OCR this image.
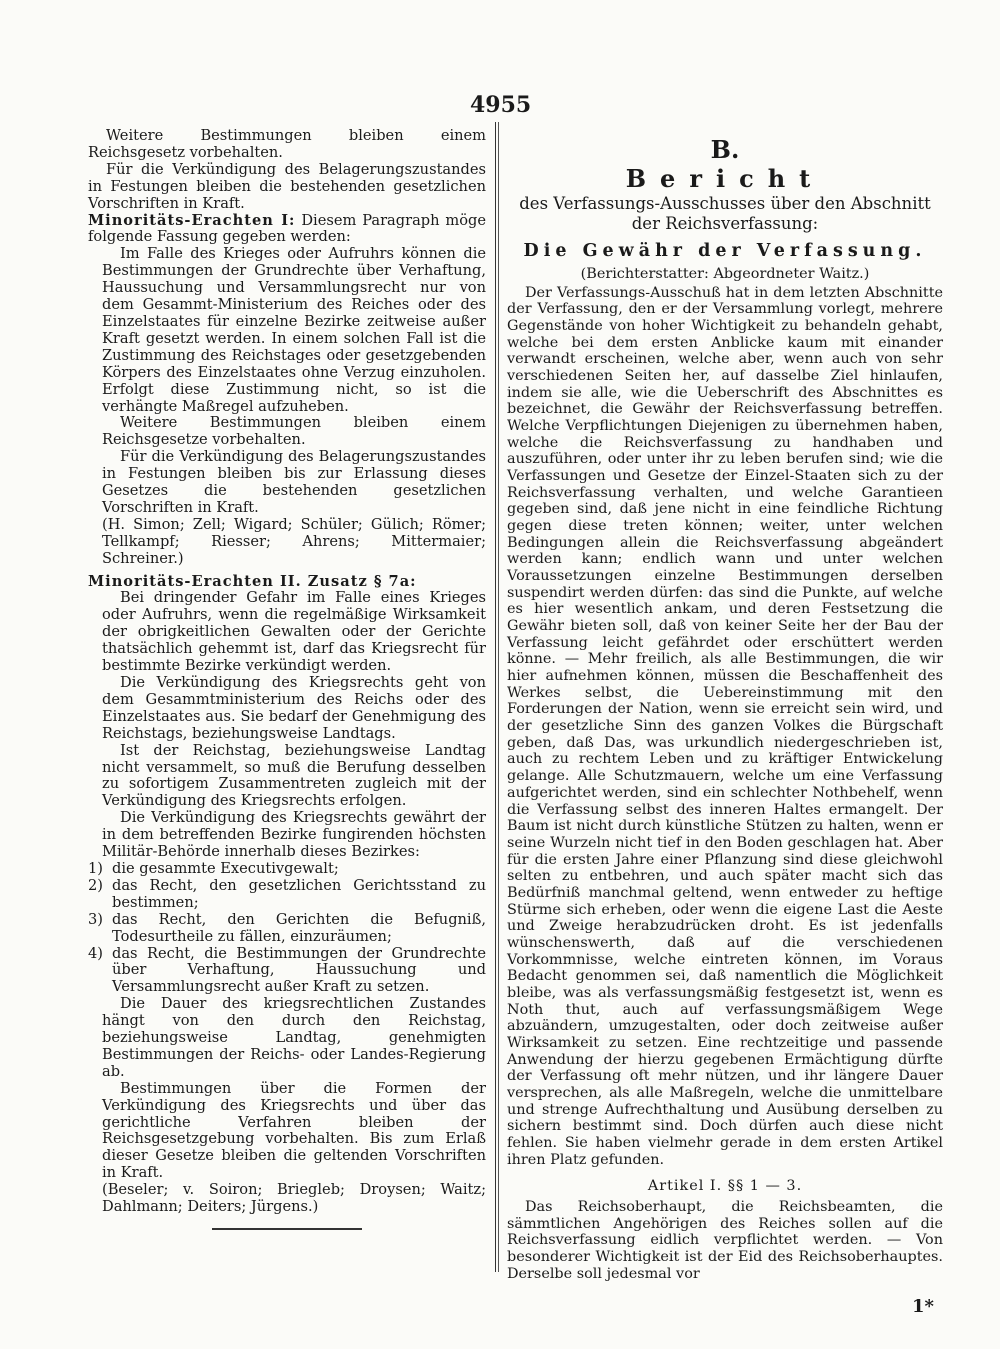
4955

Weitere Bestimmungen bleiben einem Reichsgesetz vorbehalten.

Für die Verkündigung des Belagerungszustandes in Festungen bleiben die bestehenden gesetzlichen Vorschriften in Kraft.

Minoritäts-Erachten I: Diesem Paragraph möge folgende Fassung gegeben werden:

Im Falle des Krieges oder Aufruhrs können die Bestimmungen der Grundrechte über Verhaftung, Haussuchung und Versammlungsrecht nur von dem Gesammt-Ministerium des Reiches oder des Einzelstaates für einzelne Bezirke zeitweise außer Kraft gesetzt werden. In einem solchen Fall ist die Zustimmung des Reichstages oder gesetzgebenden Körpers des Einzelstaates ohne Verzug einzuholen. Erfolgt diese Zustimmung nicht, so ist die verhängte Maßregel aufzuheben.

Weitere Bestimmungen bleiben einem Reichsgesetze vorbehalten.

Für die Verkündigung des Belagerungszustandes in Festungen bleiben bis zur Erlassung dieses Gesetzes die bestehenden gesetzlichen Vorschriften in Kraft.

(H. Simon; Zell; Wigard; Schüler; Gülich; Römer; Tellkampf; Riesser; Ahrens; Mittermaier; Schreiner.)

Minoritäts-Erachten II. Zusatz § 7a:

Bei dringender Gefahr im Falle eines Krieges oder Aufruhrs, wenn die regelmäßige Wirksamkeit der obrigkeitlichen Gewalten oder der Gerichte thatsächlich gehemmt ist, darf das Kriegsrecht für bestimmte Bezirke verkündigt werden.

Die Verkündigung des Kriegsrechts geht von dem Gesammtministerium des Reichs oder des Einzelstaates aus. Sie bedarf der Genehmigung des Reichstags, beziehungsweise Landtags.

Ist der Reichstag, beziehungsweise Landtag nicht versammelt, so muß die Berufung desselben zu sofortigem Zusammentreten zugleich mit der Verkündigung des Kriegsrechts erfolgen.

Die Verkündigung des Kriegsrechts gewährt der in dem betreffenden Bezirke fungirenden höchsten Militär-Behörde innerhalb dieses Bezirkes:

1) die gesammte Executivgewalt;
2) das Recht, den gesetzlichen Gerichtsstand zu bestimmen;
3) das Recht, den Gerichten die Befugniß, Todesurtheile zu fällen, einzuräumen;
4) das Recht, die Bestimmungen der Grundrechte über Verhaftung, Haussuchung und Versammlungsrecht außer Kraft zu setzen.

Die Dauer des kriegsrechtlichen Zustandes hängt von den durch den Reichstag, beziehungsweise Landtag, genehmigten Bestimmungen der Reichs- oder Landes-Regierung ab.

Bestimmungen über die Formen der Verkündigung des Kriegsrechts und über das gerichtliche Verfahren bleiben der Reichsgesetzgebung vorbehalten. Bis zum Erlaß dieser Gesetze bleiben die geltenden Vorschriften in Kraft.

(Beseler; v. Soiron; Briegleb; Droysen; Waitz; Dahlmann; Deiters; Jürgens.)

B.
Bericht
des Verfassungs-Ausschusses über den Abschnitt der Reichsverfassung:
Die Gewähr der Verfassung.
(Berichterstatter: Abgeordneter Waitz.)

Der Verfassungs-Ausschuß hat in dem letzten Abschnitte der Verfassung, den er der Versammlung vorlegt, mehrere Gegenstände von hoher Wichtigkeit zu behandeln gehabt, welche bei dem ersten Anblicke kaum mit einander verwandt erscheinen, welche aber, wenn auch von sehr verschiedenen Seiten her, auf dasselbe Ziel hinlaufen, indem sie alle, wie die Ueberschrift des Abschnittes es bezeichnet, die Gewähr der Reichsverfassung betreffen. Welche Verpflichtungen Diejenigen zu übernehmen haben, welche die Reichsverfassung zu handhaben und auszuführen, oder unter ihr zu leben berufen sind; wie die Verfassungen und Gesetze der Einzel-Staaten sich zu der Reichsverfassung verhalten, und welche Garantieen gegeben sind, daß jene nicht in eine feindliche Richtung gegen diese treten können; weiter, unter welchen Bedingungen allein die Reichsverfassung abgeändert werden kann; endlich wann und unter welchen Voraussetzungen einzelne Bestimmungen derselben suspendirt werden dürfen: das sind die Punkte, auf welche es hier wesentlich ankam, und deren Festsetzung die Gewähr bieten soll, daß von keiner Seite her der Bau der Verfassung leicht gefährdet oder erschüttert werden könne. — Mehr freilich, als alle Bestimmungen, die wir hier aufnehmen können, müssen die Beschaffenheit des Werkes selbst, die Uebereinstimmung mit den Forderungen der Nation, wenn sie erreicht sein wird, und der gesetzliche Sinn des ganzen Volkes die Bürgschaft geben, daß Das, was urkundlich niedergeschrieben ist, auch zu rechtem Leben und zu kräftiger Entwickelung gelange. Alle Schutzmauern, welche um eine Verfassung aufgerichtet werden, sind ein schlechter Nothbehelf, wenn die Verfassung selbst des inneren Haltes ermangelt. Der Baum ist nicht durch künstliche Stützen zu halten, wenn er seine Wurzeln nicht tief in den Boden geschlagen hat. Aber für die ersten Jahre einer Pflanzung sind diese gleichwohl selten zu entbehren, und auch später macht sich das Bedürfniß manchmal geltend, wenn entweder zu heftige Stürme sich erheben, oder wenn die eigene Last die Aeste und Zweige herabzudrücken droht. Es ist jedenfalls wünschenswerth, daß auf die verschiedenen Vorkommnisse, welche eintreten können, im Voraus Bedacht genommen sei, daß namentlich die Möglichkeit bleibe, was als verfassungsmäßig festgesetzt ist, wenn es Noth thut, auch auf verfassungsmäßigem Wege abzuändern, umzugestalten, oder doch zeitweise außer Wirksamkeit zu setzen. Eine rechtzeitige und passende Anwendung der hierzu gegebenen Ermächtigung dürfte der Verfassung oft mehr nützen, und ihr längere Dauer versprechen, als alle Maßregeln, welche die unmittelbare und strenge Aufrechthaltung und Ausübung derselben zu sichern bestimmt sind. Doch dürfen auch diese nicht fehlen. Sie haben vielmehr gerade in dem ersten Artikel ihren Platz gefunden.

Artikel I. §§ 1 — 3.

Das Reichsoberhaupt, die Reichsbeamten, die sämmtlichen Angehörigen des Reiches sollen auf die Reichsverfassung eidlich verpflichtet werden. — Von besonderer Wichtigkeit ist der Eid des Reichsoberhauptes. Derselbe soll jedesmal vor

1*
